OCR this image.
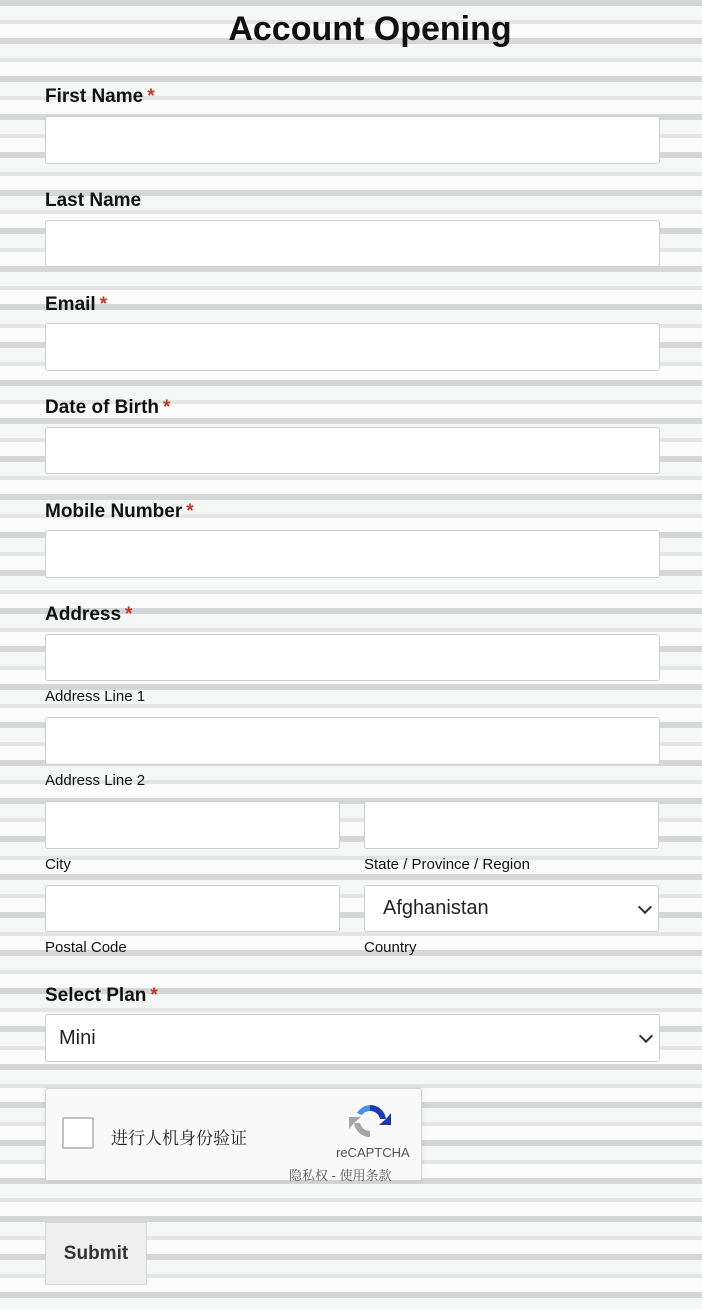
Account Opening
First Name *
Last Name
Email *
Date of Birth *
Mobile Number *
Address *
Address Line 1
Address Line 2
City	State / Province / Region
Postal Code
Afghanistan
Country
Select Plan *
Mini
进行人机身份验证
reCAPTCHA
隐私权 - 使用条款
Submit
